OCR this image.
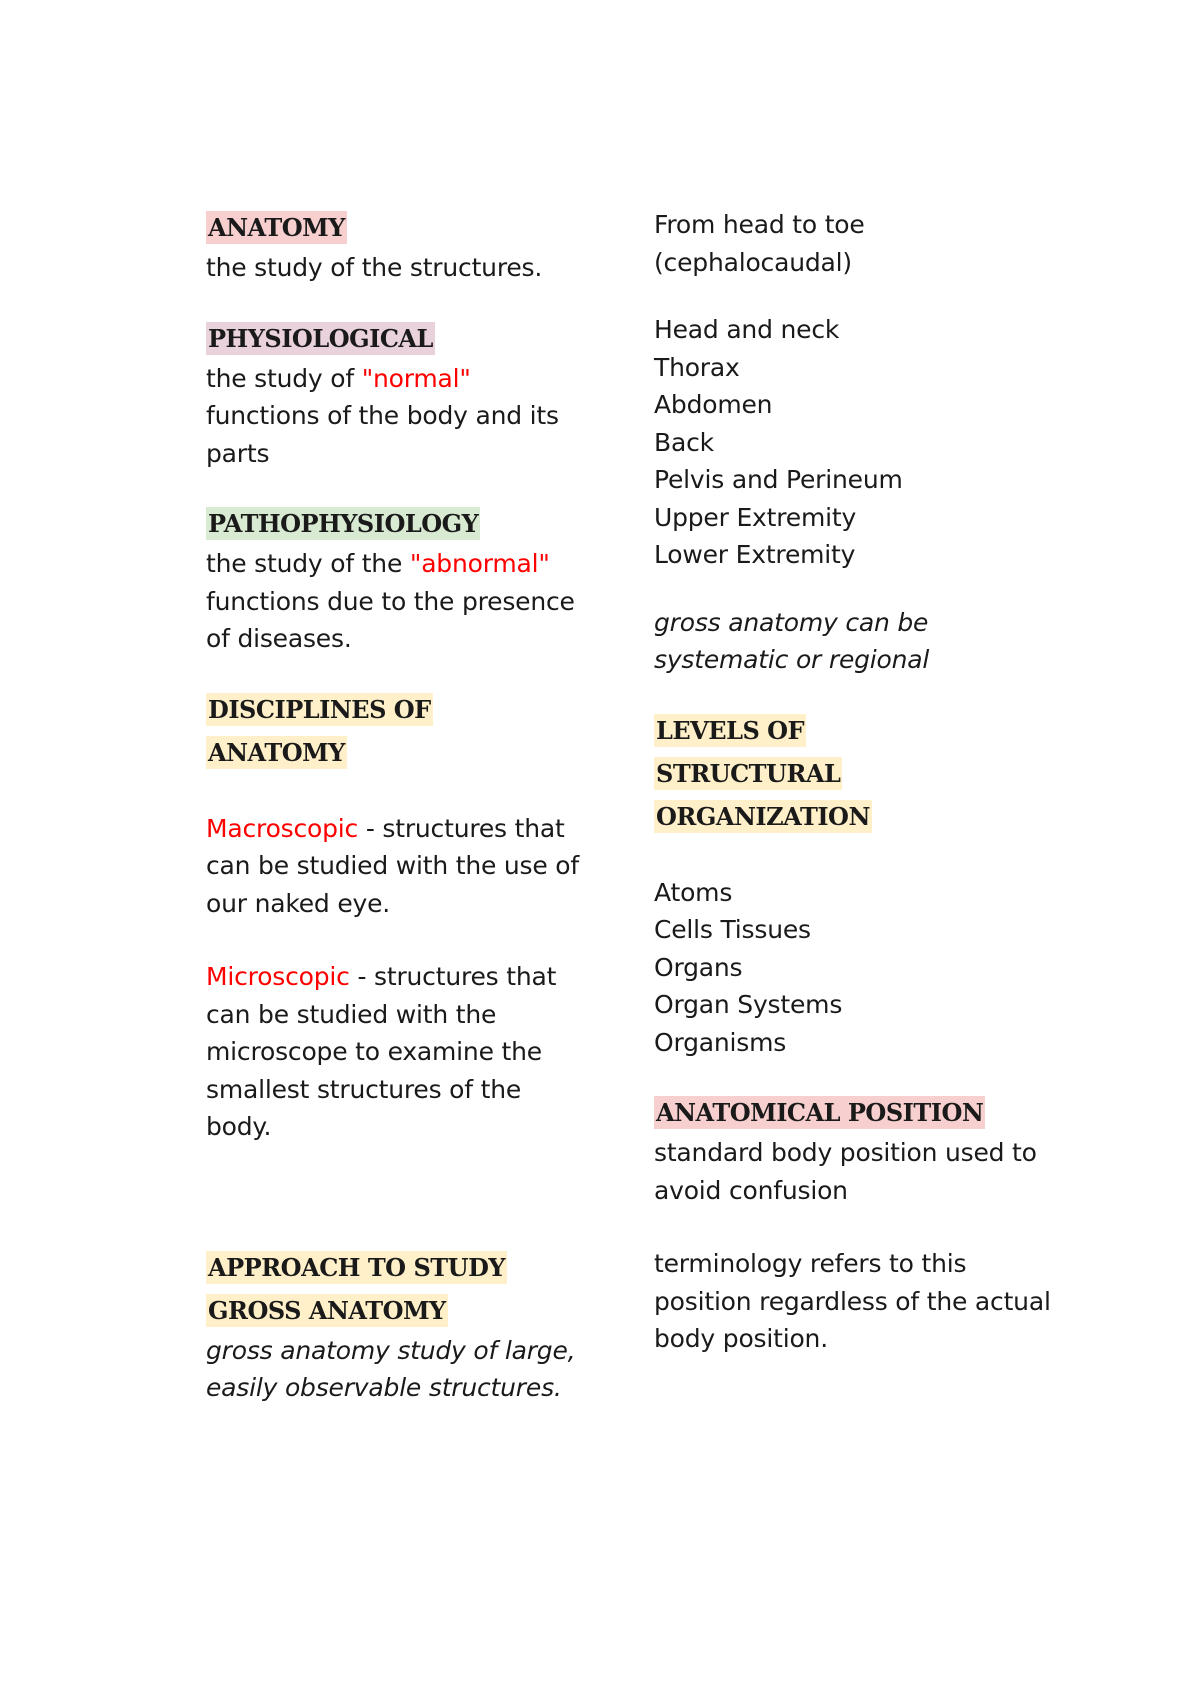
ANATOMY

the study of the structures.

PHYSIOLOGICAL

the study of "normal" functions of the body and its parts

PATHOPHYSIOLOGY

the study of the "abnormal" functions due to the presence of diseases.

DISCIPLINES OF
ANATOMY

Macroscopic - structures that can be studied with the use of our naked eye.

Microscopic - structures that can be studied with the microscope to examine the smallest structures of the body.

APPROACH TO STUDY
GROSS ANATOMY

gross anatomy study of large, easily observable structures.

From head to toe

(cephalocaudal)

Head and neck

Thorax

Abdomen

Back

Pelvis and Perineum

Upper Extremity

Lower Extremity

gross anatomy can be systematic or regional

LEVELS OF
STRUCTURAL
ORGANIZATION

Atoms

Cells Tissues

Organs

Organ Systems

Organisms

ANATOMICAL POSITION

standard body position used to avoid confusion

terminology refers to this position regardless of the actual body position.
